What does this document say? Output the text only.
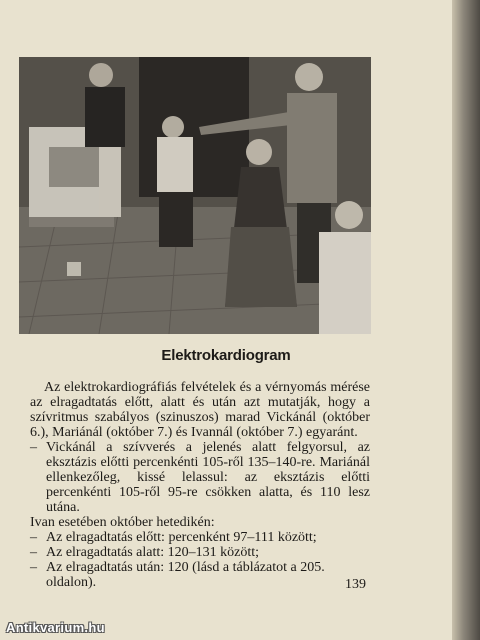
Elektrokardiogram

Az elektrokardiográfiás felvételek és a vérnyomás mérése az elragadtatás előtt, alatt és után azt mutatják, hogy a szívritmus szabályos (szinuszos) marad Vickánál (október 6.), Mariánál (október 7.) és Ivannál (október 7.) egyaránt.

– Vickánál a szívverés a jelenés alatt felgyorsul, az eksztázis előtti percenkénti 105-ről 135–140-re. Mariánál ellenkezőleg, kissé lelassul: az eksztázis előtti percenkénti 105-ről 95-re csökken alatta, és 110 lesz utána.

Ivan esetében október hetedikén:

– Az elragadtatás előtt: percenként 97–111 között;
– Az elragadtatás alatt: 120–131 között;
– Az elragadtatás után: 120 (lásd a táblázatot a 205. oldalon).	139
Antikvarium.hu
